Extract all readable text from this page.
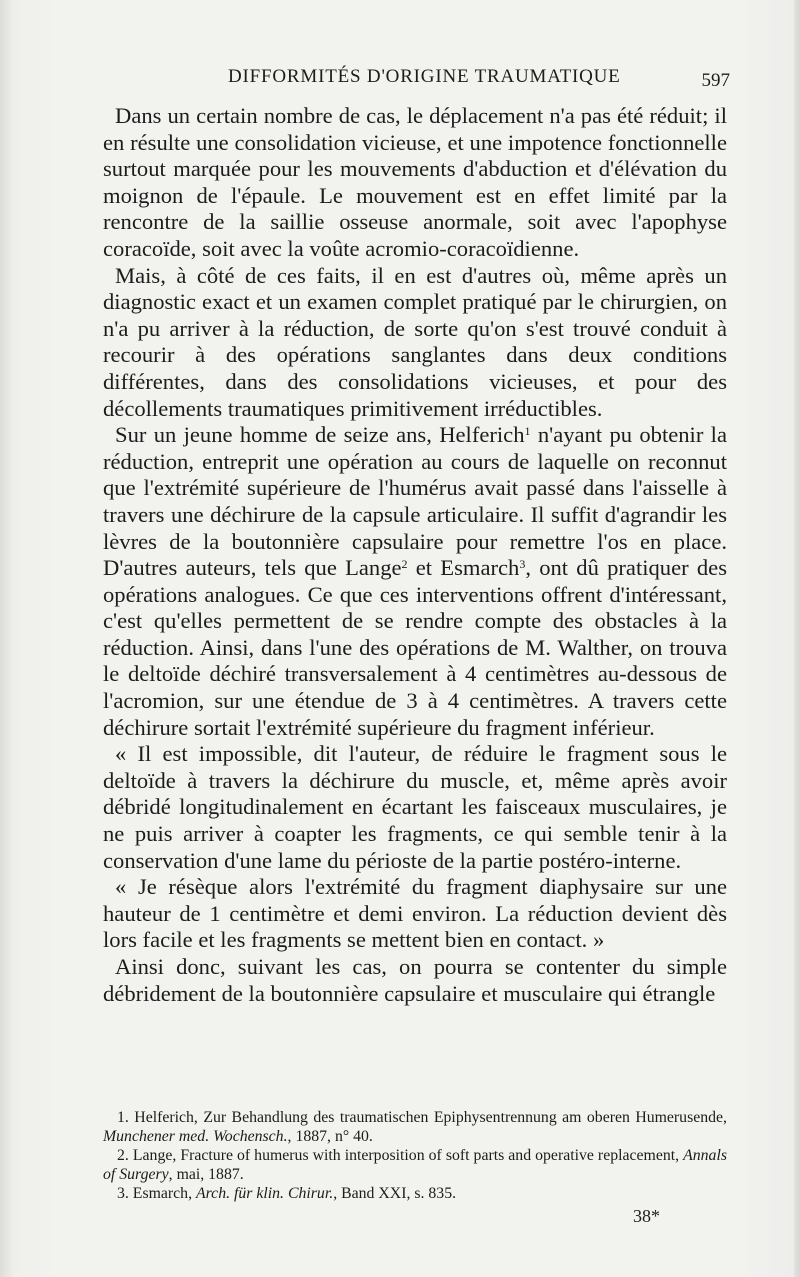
DIFFORMITÉS D'ORIGINE TRAUMATIQUE	597

Dans un certain nombre de cas, le déplacement n'a pas été réduit; il en résulte une consolidation vicieuse, et une impotence fonctionnelle surtout marquée pour les mouvements d'abduction et d'élévation du moignon de l'épaule. Le mouvement est en effet limité par la rencontre de la saillie osseuse anormale, soit avec l'apophyse coracoïde, soit avec la voûte acromio-coracoïdienne.

Mais, à côté de ces faits, il en est d'autres où, même après un diagnostic exact et un examen complet pratiqué par le chirurgien, on n'a pu arriver à la réduction, de sorte qu'on s'est trouvé conduit à recourir à des opérations sanglantes dans deux conditions différentes, dans des consolidations vicieuses, et pour des décollements traumatiques primitivement irréductibles.

Sur un jeune homme de seize ans, Helferich$^1$ n'ayant pu obtenir la réduction, entreprit une opération au cours de laquelle on reconnut que l'extrémité supérieure de l'humérus avait passé dans l'aisselle à travers une déchirure de la capsule articulaire. Il suffit d'agrandir les lèvres de la boutonnière capsulaire pour remettre l'os en place. D'autres auteurs, tels que Lange$^2$ et Esmarch$^3$, ont dû pratiquer des opérations analogues. Ce que ces interventions offrent d'intéressant, c'est qu'elles permettent de se rendre compte des obstacles à la réduction. Ainsi, dans l'une des opérations de M. Walther, on trouva le deltoïde déchiré transversalement à 4 centimètres au-dessous de l'acromion, sur une étendue de 3 à 4 centimètres. A travers cette déchirure sortait l'extrémité supérieure du fragment inférieur.

« Il est impossible, dit l'auteur, de réduire le fragment sous le deltoïde à travers la déchirure du muscle, et, même après avoir débridé longitudinalement en écartant les faisceaux musculaires, je ne puis arriver à coapter les fragments, ce qui semble tenir à la conservation d'une lame du périoste de la partie postéro-interne.

« Je résèque alors l'extrémité du fragment diaphysaire sur une hauteur de 1 centimètre et demi environ. La réduction devient dès lors facile et les fragments se mettent bien en contact. »

Ainsi donc, suivant les cas, on pourra se contenter du simple débridement de la boutonnière capsulaire et musculaire qui étrangle

1. Helferich, Zur Behandlung des traumatischen Epiphysentrennung am oberen Humerusende, Munchener med. Wochensch., 1887, n° 40.

2. Lange, Fracture of humerus with interposition of soft parts and operative replacement, Annals of Surgery, mai, 1887.

3. Esmarch, Arch. für klin. Chirur., Band XXI, s. 835.

38*
